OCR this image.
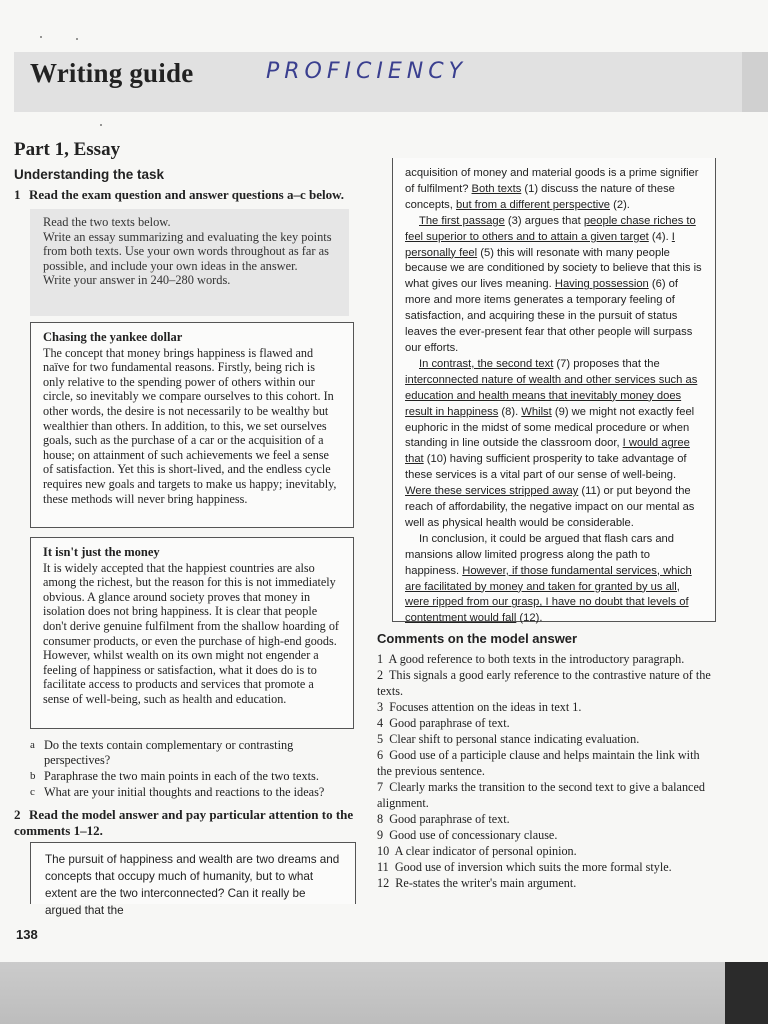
Writing guide	PROFICIENCY
Part 1, Essay
Understanding the task
1 Read the exam question and answer questions a–c below.

Read the two texts below.

Write an essay summarizing and evaluating the key points from both texts. Use your own words throughout as far as possible, and include your own ideas in the answer.

Write your answer in 240–280 words.

Chasing the yankee dollar

The concept that money brings happiness is flawed and naïve for two fundamental reasons. Firstly, being rich is only relative to the spending power of others within our circle, so inevitably we compare ourselves to this cohort. In other words, the desire is not necessarily to be wealthy but wealthier than others. In addition, to this, we set ourselves goals, such as the purchase of a car or the acquisition of a house; on attainment of such achievements we feel a sense of satisfaction. Yet this is short-lived, and the endless cycle requires new goals and targets to make us happy; inevitably, these methods will never bring happiness.

It isn't just the money

It is widely accepted that the happiest countries are also among the richest, but the reason for this is not immediately obvious. A glance around society proves that money in isolation does not bring happiness. It is clear that people don't derive genuine fulfilment from the shallow hoarding of consumer products, or even the purchase of high-end goods. However, whilst wealth on its own might not engender a feeling of happiness or satisfaction, what it does do is to facilitate access to products and services that promote a sense of well-being, such as health and education.

a Do the texts contain complementary or contrasting perspectives?
b Paraphrase the two main points in each of the two texts.
c What are your initial thoughts and reactions to the ideas?
2 Read the model answer and pay particular attention to the comments 1–12.
The pursuit of happiness and wealth are two dreams and concepts that occupy much of humanity, but to what extent are the two interconnected? Can it really be argued that the

acquisition of money and material goods is a prime signifier of fulfilment? Both texts (1) discuss the nature of these concepts, but from a different perspective (2).

The first passage (3) argues that people chase riches to feel superior to others and to attain a given target (4). I personally feel (5) this will resonate with many people because we are conditioned by society to believe that this is what gives our lives meaning. Having possession (6) of more and more items generates a temporary feeling of satisfaction, and acquiring these in the pursuit of status leaves the ever-present fear that other people will surpass our efforts.

In contrast, the second text (7) proposes that the interconnected nature of wealth and other services such as education and health means that inevitably money does result in happiness (8). Whilst (9) we might not exactly feel euphoric in the midst of some medical procedure or when standing in line outside the classroom door, I would agree that (10) having sufficient prosperity to take advantage of these services is a vital part of our sense of well-being. Were these services stripped away (11) or put beyond the reach of affordability, the negative impact on our mental as well as physical health would be considerable.

In conclusion, it could be argued that flash cars and mansions allow limited progress along the path to happiness. However, if those fundamental services, which are facilitated by money and taken for granted by us all, were ripped from our grasp, I have no doubt that levels of contentment would fall (12).

Comments on the model answer

1 A good reference to both texts in the introductory paragraph.

2 This signals a good early reference to the contrastive nature of the texts.

3 Focuses attention on the ideas in text 1.

4 Good paraphrase of text.

5 Clear shift to personal stance indicating evaluation.

6 Good use of a participle clause and helps maintain the link with the previous sentence.

7 Clearly marks the transition to the second text to give a balanced alignment.

8 Good paraphrase of text.

9 Good use of concessionary clause.

10 A clear indicator of personal opinion.

11 Good use of inversion which suits the more formal style.

12 Re-states the writer's main argument.

138
